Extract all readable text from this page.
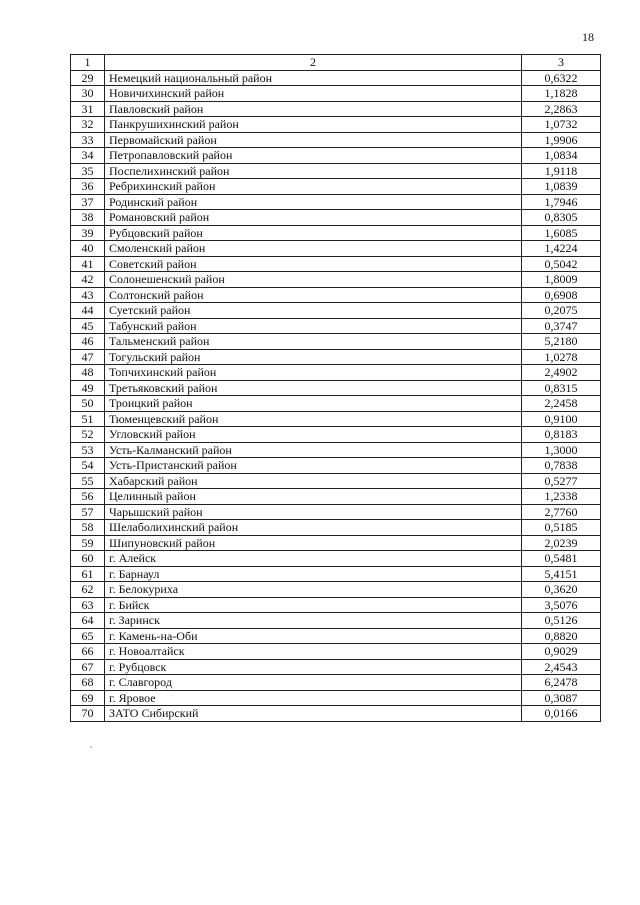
18
1	2	3
29	Немецкий национальный район	0,6322
30	Новичихинский район	1,1828
31	Павловский район	2,2863
32	Панкрушихинский район	1,0732
33	Первомайский район	1,9906
34	Петропавловский район	1,0834
35	Поспелихинский район	1,9118
36	Ребрихинский район	1,0839
37	Родинский район	1,7946
38	Романовский район	0,8305
39	Рубцовский район	1,6085
40	Смоленский район	1,4224
41	Советский район	0,5042
42	Солонешенский район	1,8009
43	Солтонский район	0,6908
44	Суетский район	0,2075
45	Табунский район	0,3747
46	Тальменский район	5,2180
47	Тогульский район	1,0278
48	Топчихинский район	2,4902
49	Третьяковский район	0,8315
50	Троицкий район	2,2458
51	Тюменцевский район	0,9100
52	Угловский район	0,8183
53	Усть-Калманский район	1,3000
54	Усть-Пристанский район	0,7838
55	Хабарский район	0,5277
56	Целинный район	1,2338
57	Чарышский район	2,7760
58	Шелаболихинский район	0,5185
59	Шипуновский район	2,0239
60	г. Алейск	0,5481
61	г. Барнаул	5,4151
62	г. Белокуриха	0,3620
63	г. Бийск	3,5076
64	г. Заринск	0,5126
65	г. Камень-на-Оби	0,8820
66	г. Новоалтайск	0,9029
67	г. Рубцовск	2,4543
68	г. Славгород	6,2478
69	г. Яровое	0,3087
70	ЗАТО Сибирский	0,0166
